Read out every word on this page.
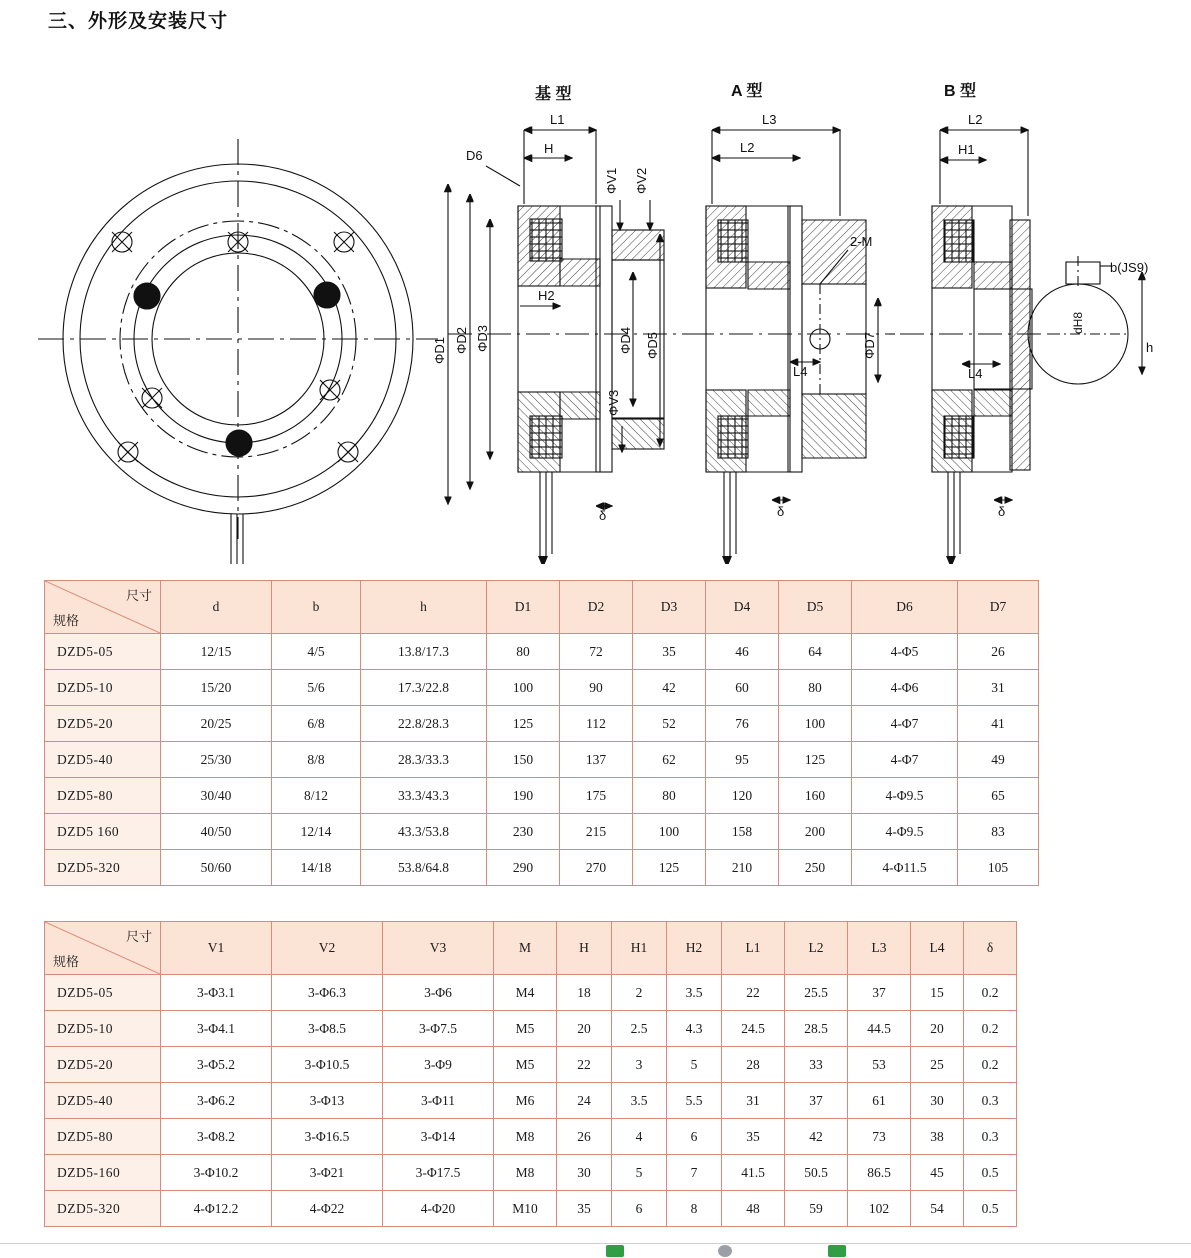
三、外形及安装尺寸
基 型
L1
H
D6
H2
ΦD1 ΦD2 ΦD3	ΦD4 ΦD5
ΦV1 ΦV2
ΦV3
δ
A 型
L3
L2
2-M
L4
ΦD7
δ
B 型
L2
H1
L4
δ
b(JS9)
dH8
h
尺寸
规格	d	b	h	D1	D2	D3	D4	D5	D6	D7
DZD5-05	12/15	4/5	13.8/17.3	80	72	35	46	64	4-Φ5	26
DZD5-10	15/20	5/6	17.3/22.8	100	90	42	60	80	4-Φ6	31
DZD5-20	20/25	6/8	22.8/28.3	125	112	52	76	100	4-Φ7	41
DZD5-40	25/30	8/8	28.3/33.3	150	137	62	95	125	4-Φ7	49
DZD5-80	30/40	8/12	33.3/43.3	190	175	80	120	160	4-Φ9.5	65
DZD5 160	40/50	12/14	43.3/53.8	230	215	100	158	200	4-Φ9.5	83
DZD5-320	50/60	14/18	53.8/64.8	290	270	125	210	250	4-Φ11.5	105
尺寸
规格	V1	V2	V3	M	H	H1	H2	L1	L2	L3	L4	δ
DZD5-05	3-Φ3.1	3-Φ6.3	3-Φ6	M4	18	2	3.5	22	25.5	37	15	0.2
DZD5-10	3-Φ4.1	3-Φ8.5	3-Φ7.5	M5	20	2.5	4.3	24.5	28.5	44.5	20	0.2
DZD5-20	3-Φ5.2	3-Φ10.5	3-Φ9	M5	22	3	5	28	33	53	25	0.2
DZD5-40	3-Φ6.2	3-Φ13	3-Φ11	M6	24	3.5	5.5	31	37	61	30	0.3
DZD5-80	3-Φ8.2	3-Φ16.5	3-Φ14	M8	26	4	6	35	42	73	38	0.3
DZD5-160	3-Φ10.2	3-Φ21	3-Φ17.5	M8	30	5	7	41.5	50.5	86.5	45	0.5
DZD5-320	4-Φ12.2	4-Φ22	4-Φ20	M10	35	6	8	48	59	102	54	0.5
